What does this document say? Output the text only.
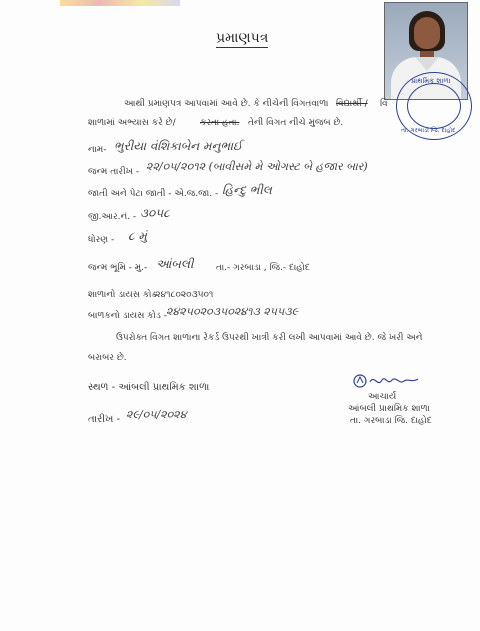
પ્રમાણપત્ર
પ્રાથમિક શાળા
તા. ગરબાડા જિ. દાહોદ
આથી પ્રમાણપત્ર આપવામાં આવે છે. કે નીચેની વિગતવાળા વિદ્યાર્થી / વિ
શાળામાં અભ્યાસ કરે છે/	કરતા હતા. તેની વિગત નીચે મુજબ છે.
નામ- ભુરીયા વંશિકાબેન મનુભાઈ
જન્મ તારીખ - ૨૨/૦૫/૨૦૧૨ (બાવીસમે મે ઓગસ્ટ બે હજાર બાર)
જાતી અને પેટા જાતી - એ.જ.જા. - હિન્દુ ભીલ
જી.આર.નં. - ૩૦૫૮
ધોરણ - ૮ મું
જન્મ ભૂમિ - મુ.- આંબલી	તા.- ગરબાડા , જિ.- દાહોદ
શાળાનો ડાયસ કોડ
-૨૪૧૮૦૨૦૩૫૦૧
બાળકનો ડાયસ કોડ - ૨૪૨૫૦૨૦૩૫૦૨૪૧૩ ૨૫૫૩૯
ઉપરોક્ત વિગત શાળાના રેકર્ડ ઉપરથી ખાત્રી કરી લખી આપવામાં આવે છે. જે ખરી અને
બરાબર છે.
સ્થળ - આંબલી પ્રાથમિક શાળા
તારીખ - ૨૯/૦૫/૨૦૨૪
આચાર્ય
આંબલી પ્રાથમિક શાળા
તા. ગરબાડા જિ. દાહોદ
